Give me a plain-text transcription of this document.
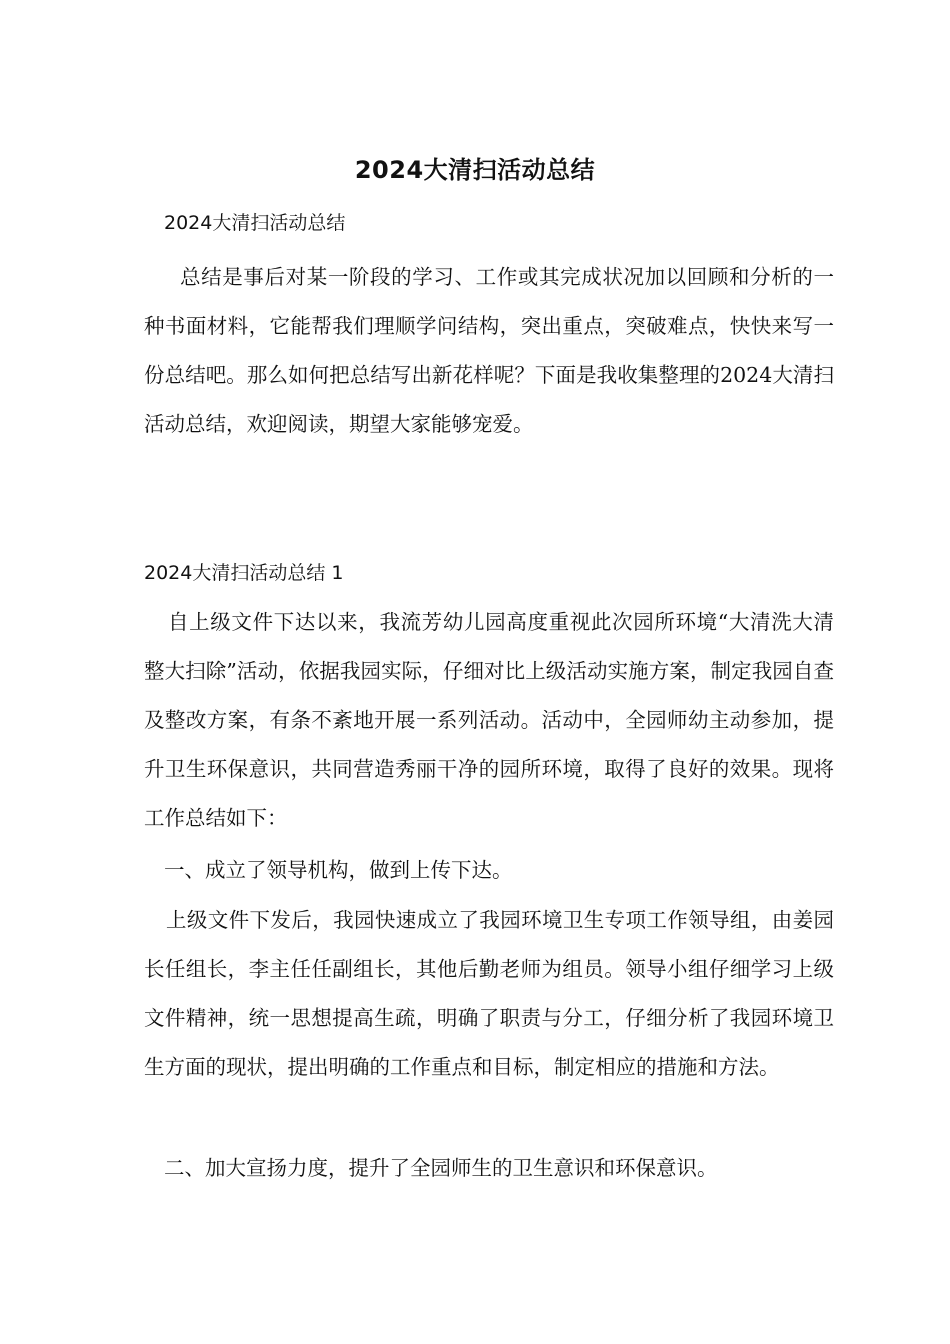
2024大清扫活动总结
2024大清扫活动总结

总结是事后对某一阶段的学习、工作或其完成状况加以回顾和分析的一种书面材料，它能帮我们理顺学问结构，突出重点，突破难点，快快来写一份总结吧。那么如何把总结写出新花样呢？下面是我收集整理的2024大清扫活动总结，欢迎阅读，期望大家能够宠爱。

2024大清扫活动总结 1

自上级文件下达以来，我流芳幼儿园高度重视此次园所环境“大清洗大清整大扫除”活动，依据我园实际，仔细对比上级活动实施方案，制定我园自查及整改方案，有条不紊地开展一系列活动。活动中，全园师幼主动参加，提升卫生环保意识，共同营造秀丽干净的园所环境，取得了良好的效果。现将工作总结如下：

一、成立了领导机构，做到上传下达。

上级文件下发后，我园快速成立了我园环境卫生专项工作领导组，由姜园长任组长，李主任任副组长，其他后勤老师为组员。领导小组仔细学习上级文件精神，统一思想提高生疏，明确了职责与分工，仔细分析了我园环境卫生方面的现状，提出明确的工作重点和目标，制定相应的措施和方法。

二、加大宣扬力度，提升了全园师生的卫生意识和环保意识。
